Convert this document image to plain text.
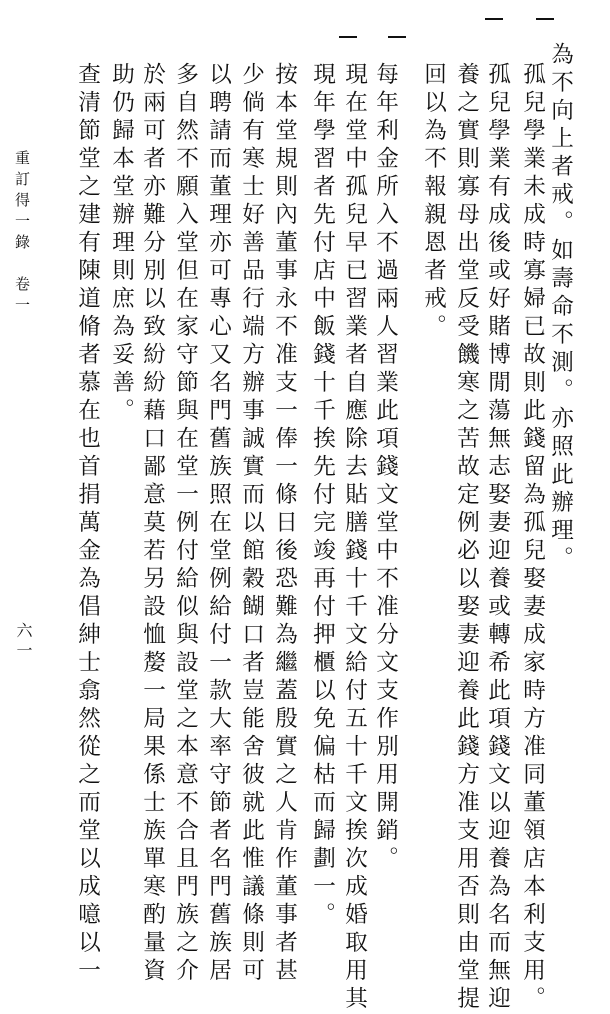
為不向上者戒。如壽命不測。亦照此辦理。
孤兒學業未成時寡婦已故則此錢留為孤兒娶妻成家時方准同董領店本利支用。
孤兒學業有成後或好賭博閒蕩無志娶妻迎養或轉希此項錢文以迎養為名而無迎
養之實則寡母出堂反受饑寒之苦故定例必以娶妻迎養此錢方准支用否則由堂提
回以為不報親恩者戒。
每年利金所入不過兩人習業此項錢文堂中不准分文支作別用開銷。
現在堂中孤兒早已習業者自應除去貼膳錢十千文給付五十千文挨次成婚取用其
現年學習者先付店中飯錢十千挨先付完竣再付押櫃以免偏枯而歸劃一。
按本堂規則內董事永不准支一俸一條日後恐難為繼蓋殷實之人肯作董事者甚
少倘有寒士好善品行端方辦事誠實而以館穀餬口者豈能舍彼就此惟議條則可
以聘請而董理亦可專心又名門舊族照在堂例給付一款大率守節者名門舊族居
多自然不願入堂但在家守節與在堂一例付給似與設堂之本意不合且門族之介
於兩可者亦難分別以致紛紛藉口鄙意莫若另設恤嫠一局果係士族單寒酌量資
助仍歸本堂辦理則庶為妥善。
查清節堂之建有陳道脩者慕在也首捐萬金為倡紳士翕然從之而堂以成噫以一
重訂得一錄　卷一
六一
